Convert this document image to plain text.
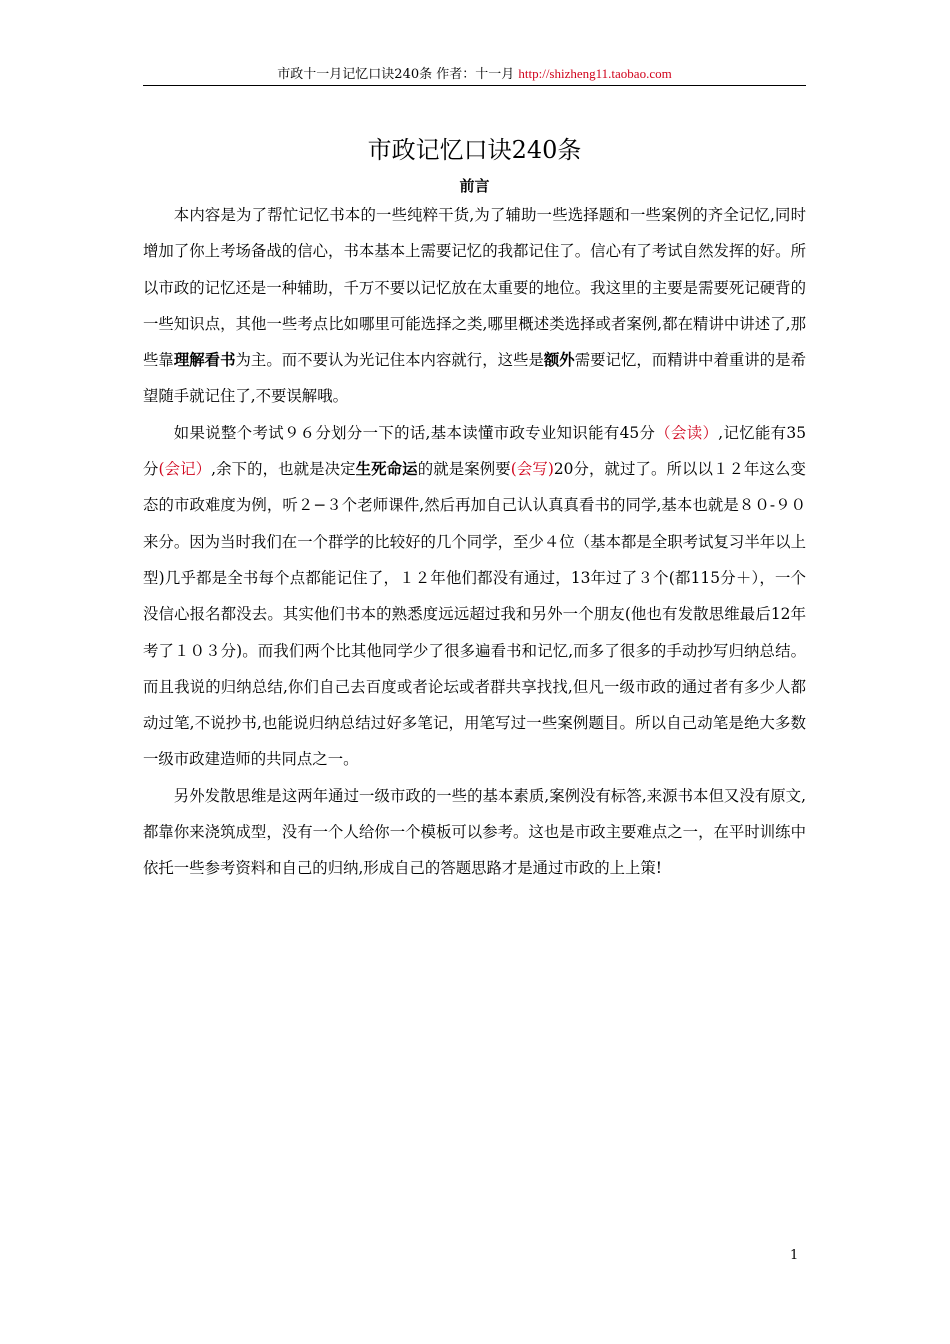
市政十一月记忆口诀240条 作者：十一月 http://shizheng11.taobao.com
市政记忆口诀240条
前言

本内容是为了帮忙记忆书本的一些纯粹干货,为了辅助一些选择题和一些案例的齐全记忆,同时增加了你上考场备战的信心，书本基本上需要记忆的我都记住了。信心有了考试自然发挥的好。所以市政的记忆还是一种辅助，千万不要以记忆放在太重要的地位。我这里的主要是需要死记硬背的一些知识点，其他一些考点比如哪里可能选择之类,哪里概述类选择或者案例,都在精讲中讲述了,那些靠理解看书为主。而不要认为光记住本内容就行，这些是额外需要记忆，而精讲中着重讲的是希望随手就记住了,不要误解哦。

如果说整个考试９６分划分一下的话,基本读懂市政专业知识能有45分（会读）,记忆能有35分(会记）,余下的，也就是决定生死命运的就是案例要(会写)20分，就过了。所以以１２年这么变态的市政难度为例，听２−３个老师课件,然后再加自己认认真真看书的同学,基本也就是８０-９０来分。因为当时我们在一个群学的比较好的几个同学，至少４位（基本都是全职考试复习半年以上型)几乎都是全书每个点都能记住了，１２年他们都没有通过，13年过了３个(都115分＋），一个没信心报名都没去。其实他们书本的熟悉度远远超过我和另外一个朋友(他也有发散思维最后12年考了１０３分)。而我们两个比其他同学少了很多遍看书和记忆,而多了很多的手动抄写归纳总结。而且我说的归纳总结,你们自己去百度或者论坛或者群共享找找,但凡一级市政的通过者有多少人都动过笔,不说抄书,也能说归纳总结过好多笔记，用笔写过一些案例题目。所以自己动笔是绝大多数一级市政建造师的共同点之一。

另外发散思维是这两年通过一级市政的一些的基本素质,案例没有标答,来源书本但又没有原文,都靠你来浇筑成型，没有一个人给你一个模板可以参考。这也是市政主要难点之一，在平时训练中依托一些参考资料和自己的归纳,形成自己的答题思路才是通过市政的上上策!

1
